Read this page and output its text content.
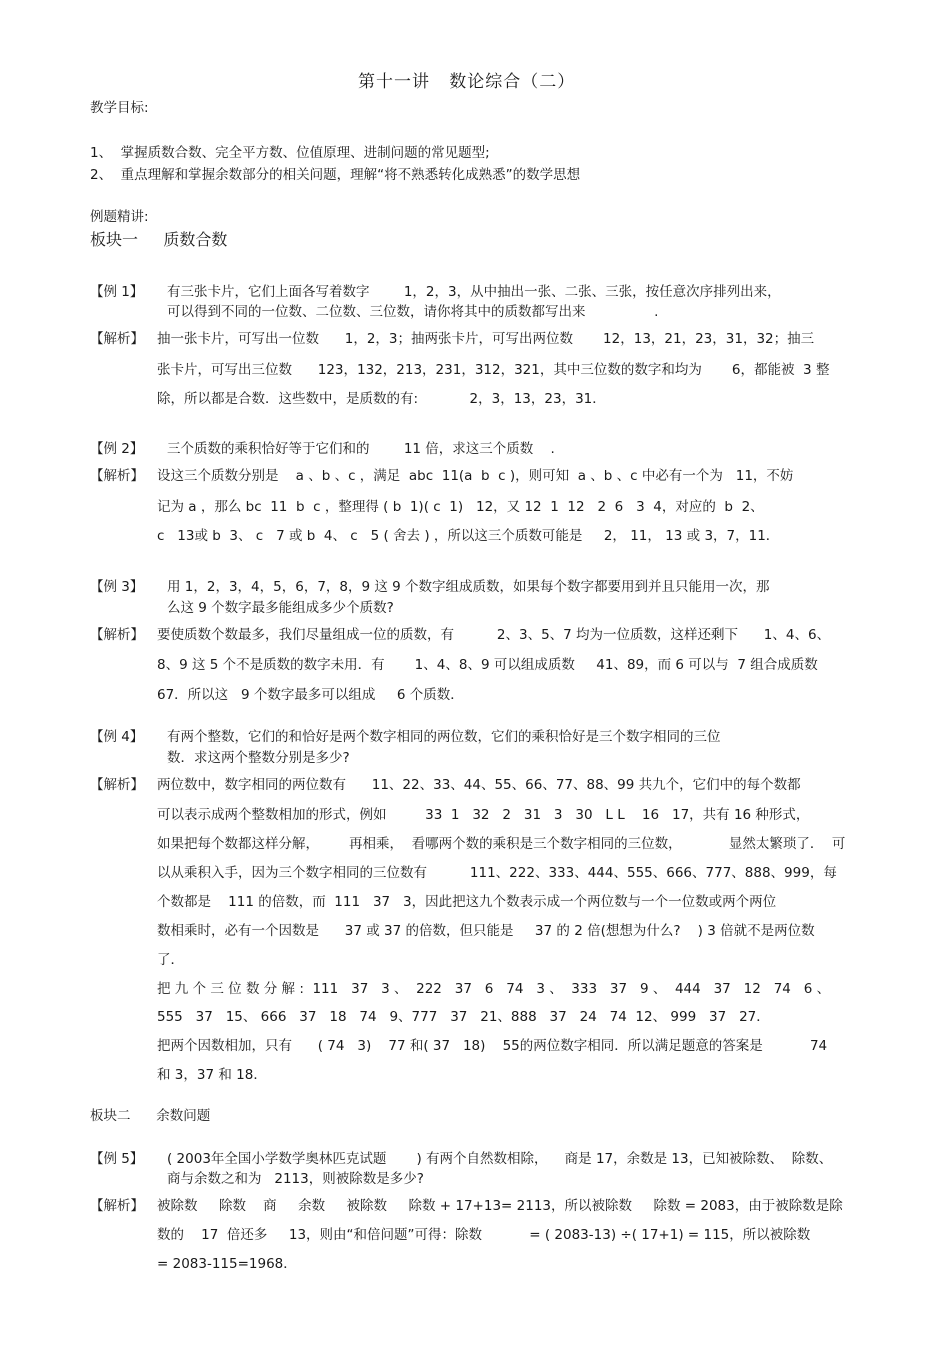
第十一讲   数论综合（二）
教学目标:
1、  掌握质数合数、完全平方数、位值原理、进制问题的常见题型;
2、  重点理解和掌握余数部分的相关问题，理解“将不熟悉转化成熟悉”的数学思想
例题精讲:
板块一     质数合数
【例 1】 有三张卡片，它们上面各写着数字        1，2，3，从中抽出一张、二张、三张，按任意次序排列出来，
可以得到不同的一位数、二位数、三位数，请你将其中的质数都写出来                .
【解析】 抽一张卡片，可写出一位数      1，2，3；抽两张卡片，可写出两位数       12，13，21，23，31，32；抽三
张卡片，可写出三位数      123，132，213，231，312，321，其中三位数的数字和均为       6，都能被  3 整
除，所以都是合数．这些数中，是质数的有:            2，3，13，23，31．
【例 2】 三个质数的乘积恰好等于它们和的        11 倍，求这三个质数    .
【解析】 设这三个质数分别是    a 、b 、c ，满足  abc  11(a  b  c )，则可知  a 、b 、c 中必有一个为   11，不妨
记为 a ，那么 bc  11  b  c ，整理得 ( b  1)( c  1)   12，又 12  1  12   2  6   3  4，对应的  b  2、
c   13或 b  3、 c   7 或 b  4、 c   5 ( 舍去 ) ，所以这三个质数可能是     2， 11， 13 或 3，7，11．
【例 3】 用 1，2，3，4，5，6，7，8，9 这 9 个数字组成质数，如果每个数字都要用到并且只能用一次，那
么这 9 个数字最多能组成多少个质数?
【解析】 要使质数个数最多，我们尽量组成一位的质数，有          2、3、5、7 均为一位质数，这样还剩下      1、4、6、
8、9 这 5 个不是质数的数字未用．有       1、4、8、9 可以组成质数     41、89，而 6 可以与  7 组合成质数
67．所以这   9 个数字最多可以组成     6 个质数．
【例 4】 有两个整数，它们的和恰好是两个数字相同的两位数，它们的乘积恰好是三个数字相同的三位
数．求这两个整数分别是多少?
【解析】 两位数中，数字相同的两位数有      11、22、33、44、55、66、77、88、99 共九个，它们中的每个数都
可以表示成两个整数相加的形式，例如         33  1   32   2   31   3   30   L L    16   17，共有 16 种形式，
如果把每个数都这样分解，       再相乘，  看哪两个数的乘积是三个数字相同的三位数，           显然太繁琐了．  可
以从乘积入手，因为三个数字相同的三位数有          111、222、333、444、555、666、777、888、999，每
个数都是    111 的倍数，而  111   37   3，因此把这九个数表示成一个两位数与一个一位数或两个两位
数相乘时，必有一个因数是      37 或 37 的倍数，但只能是     37 的 2 倍(想想为什么?    ) 3 倍就不是两位数
了．
把 九 个 三 位 数 分 解 :  111   37   3 、  222   37   6   74   3 、  333   37   9 、  444   37   12   74   6 、
555   37   15、 666   37   18   74   9、777   37   21、888   37   24   74  12、 999   37   27．
把两个因数相加，只有      ( 74   3)    77 和( 37   18)    55的两位数字相同．所以满足题意的答案是           74
和 3，37 和 18．
板块二      余数问题
【例 5】 ( 2003年全国小学数学奥林匹克试题       ) 有两个自然数相除，    商是 17，余数是 13，已知被除数、  除数、
商与余数之和为   2113，则被除数是多少?
【解析】 被除数     除数    商     余数     被除数     除数 + 17+13= 2113，所以被除数     除数 = 2083，由于被除数是除
数的    17  倍还多     13，则由“和倍问题”可得：除数           = ( 2083-13) ÷( 17+1) = 115，所以被除数
= 2083-115=1968．
